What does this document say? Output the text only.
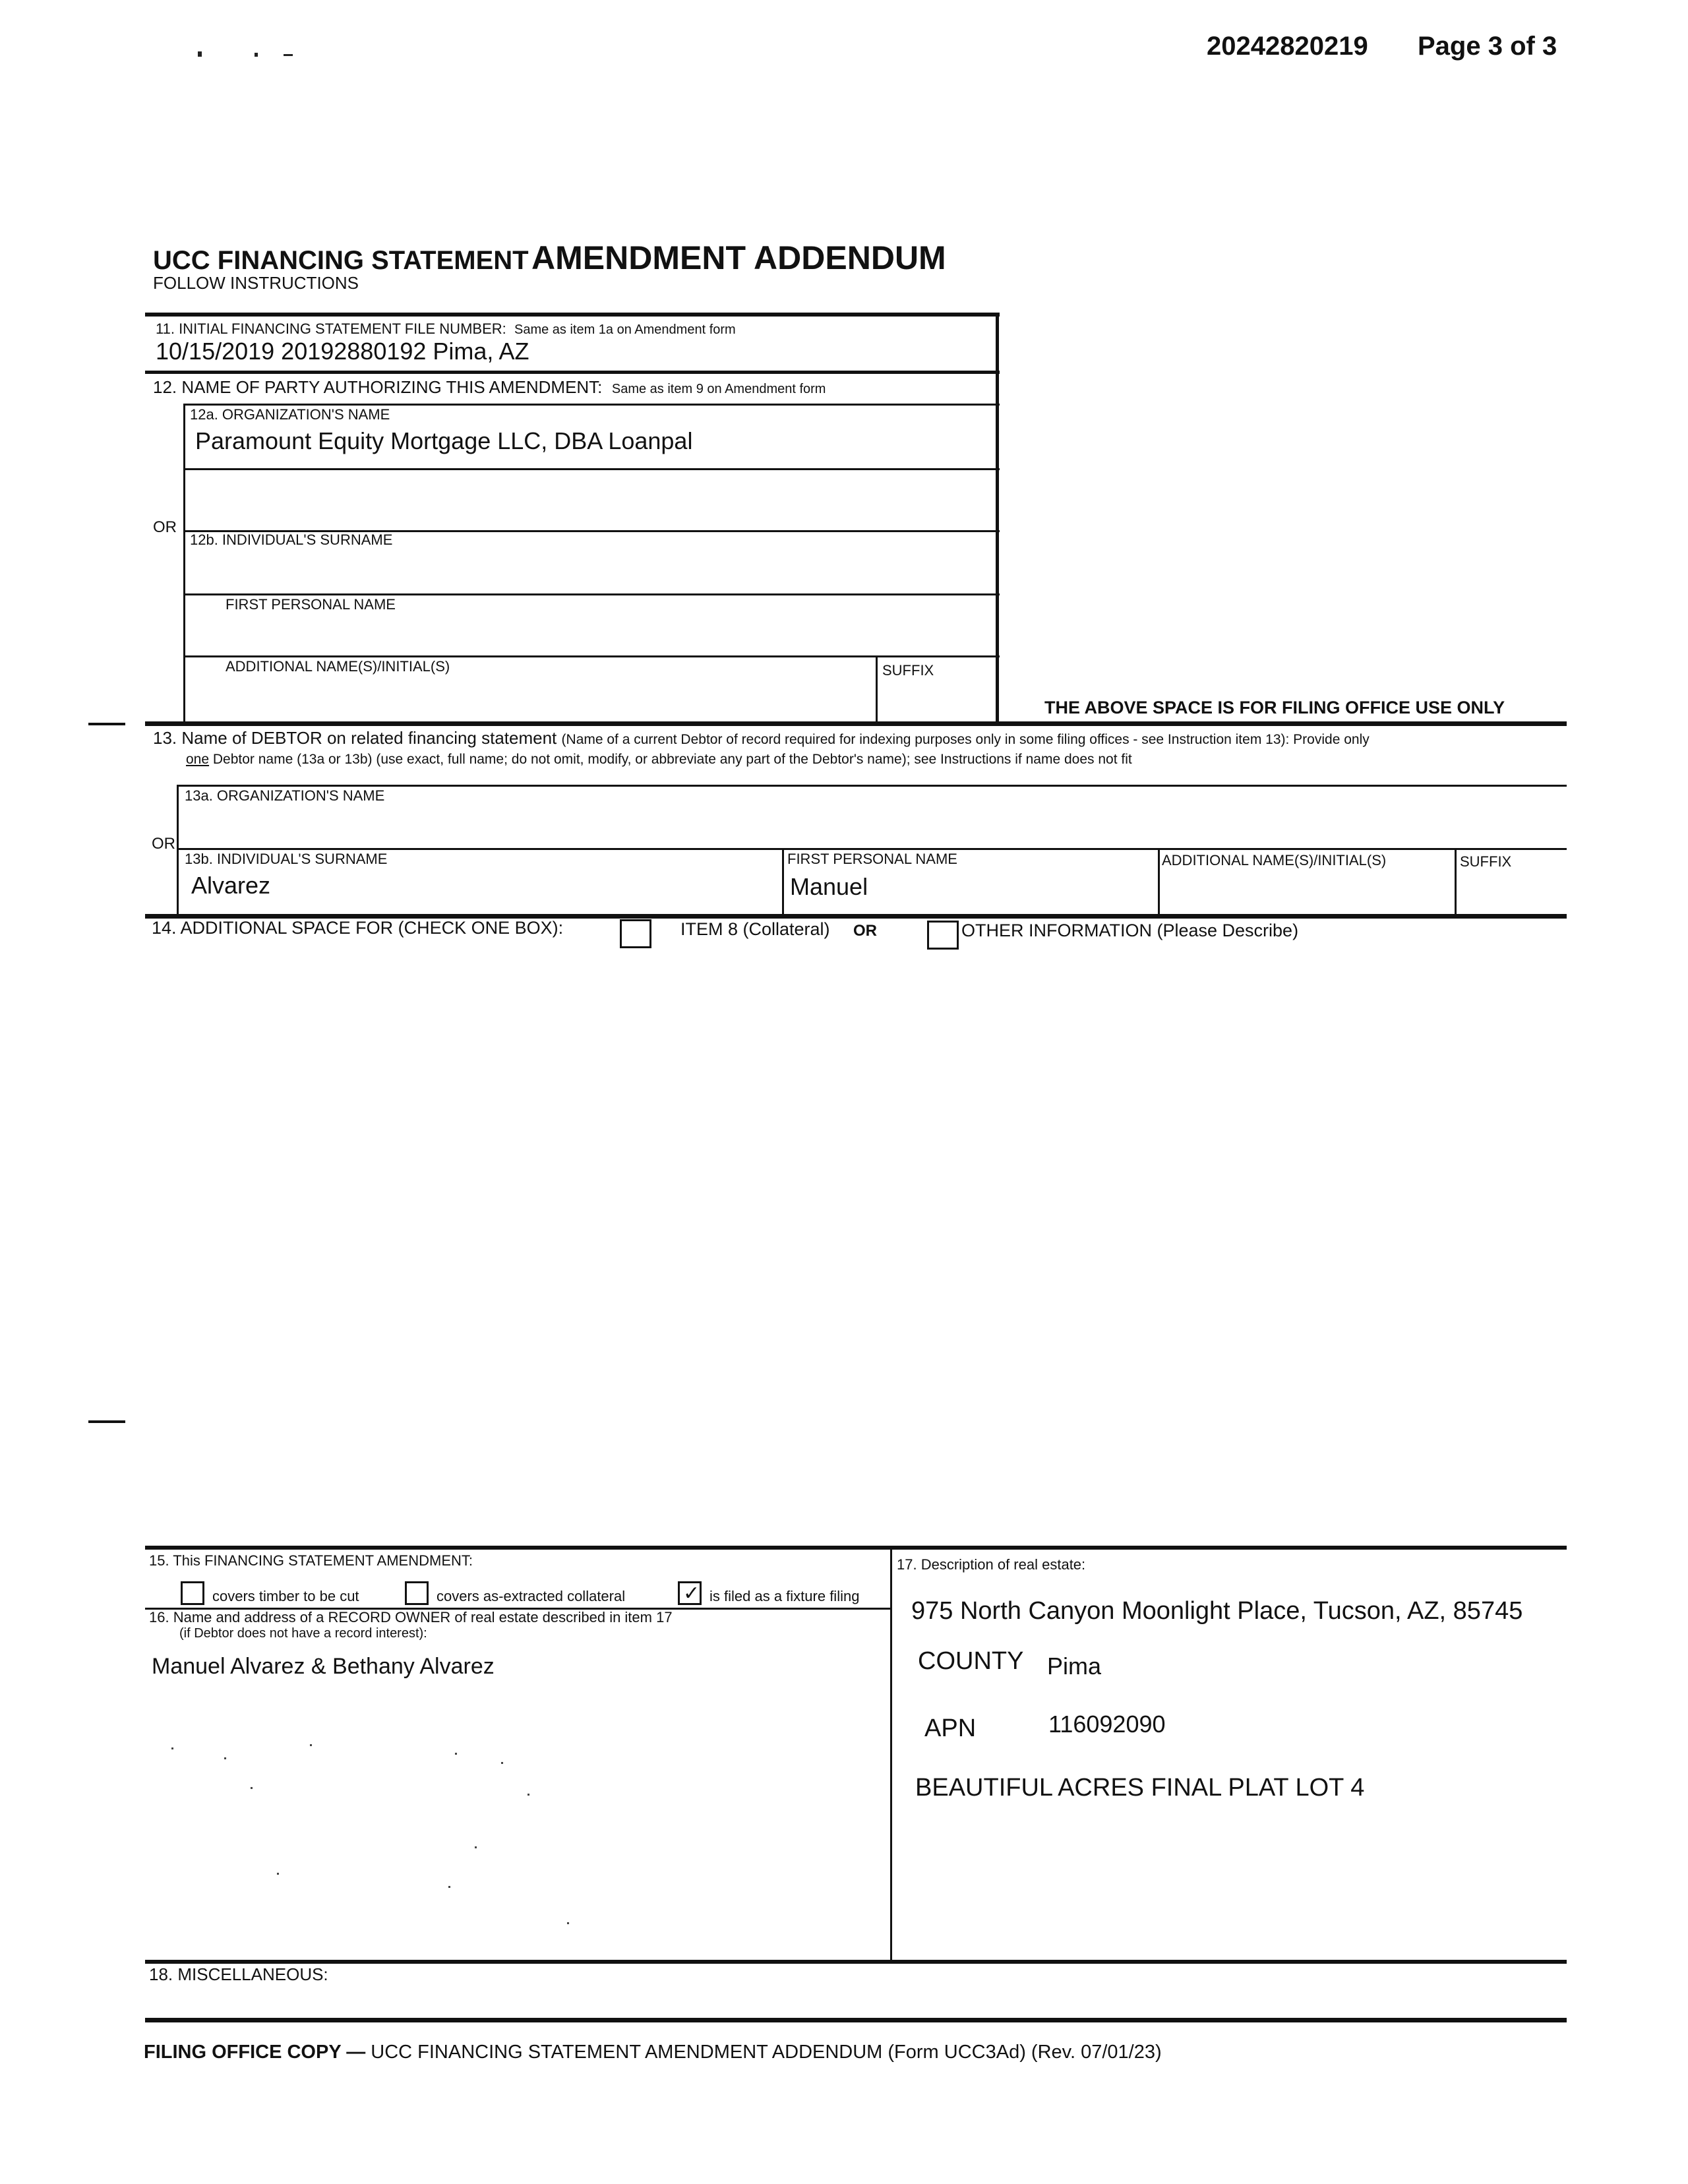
20242820219 Page 3 of 3
UCC FINANCING STATEMENT AMENDMENT ADDENDUM
FOLLOW INSTRUCTIONS
11. INITIAL FINANCING STATEMENT FILE NUMBER: Same as item 1a on Amendment form
10/15/2019 20192880192 Pima, AZ
12. NAME OF PARTY AUTHORIZING THIS AMENDMENT: Same as item 9 on Amendment form
12a. ORGANIZATION'S NAME
Paramount Equity Mortgage LLC, DBA Loanpal
OR
12b. INDIVIDUAL'S SURNAME
FIRST PERSONAL NAME
ADDITIONAL NAME(S)/INITIAL(S)	SUFFIX
THE ABOVE SPACE IS FOR FILING OFFICE USE ONLY
13. Name of DEBTOR on related financing statement (Name of a current Debtor of record required for indexing purposes only in some filing offices - see Instruction item 13): Provide only
one Debtor name (13a or 13b) (use exact, full name; do not omit, modify, or abbreviate any part of the Debtor's name); see Instructions if name does not fit
13a. ORGANIZATION'S NAME
OR
13b. INDIVIDUAL'S SURNAME
Alvarez
FIRST PERSONAL NAME
Manuel
ADDITIONAL NAME(S)/INITIAL(S)	SUFFIX
14. ADDITIONAL SPACE FOR (CHECK ONE BOX):	ITEM 8 (Collateral) OR	OTHER INFORMATION (Please Describe)
15. This FINANCING STATEMENT AMENDMENT:
covers timber to be cut	covers as-extracted collateral	✓ is filed as a fixture filing
16. Name and address of a RECORD OWNER of real estate described in item 17
(if Debtor does not have a record interest):
Manuel Alvarez & Bethany Alvarez
17. Description of real estate:
975 North Canyon Moonlight Place, Tucson, AZ, 85745
COUNTY Pima
APN	116092090
BEAUTIFUL ACRES FINAL PLAT LOT 4
18. MISCELLANEOUS:
FILING OFFICE COPY — UCC FINANCING STATEMENT AMENDMENT ADDENDUM (Form UCC3Ad) (Rev. 07/01/23)
